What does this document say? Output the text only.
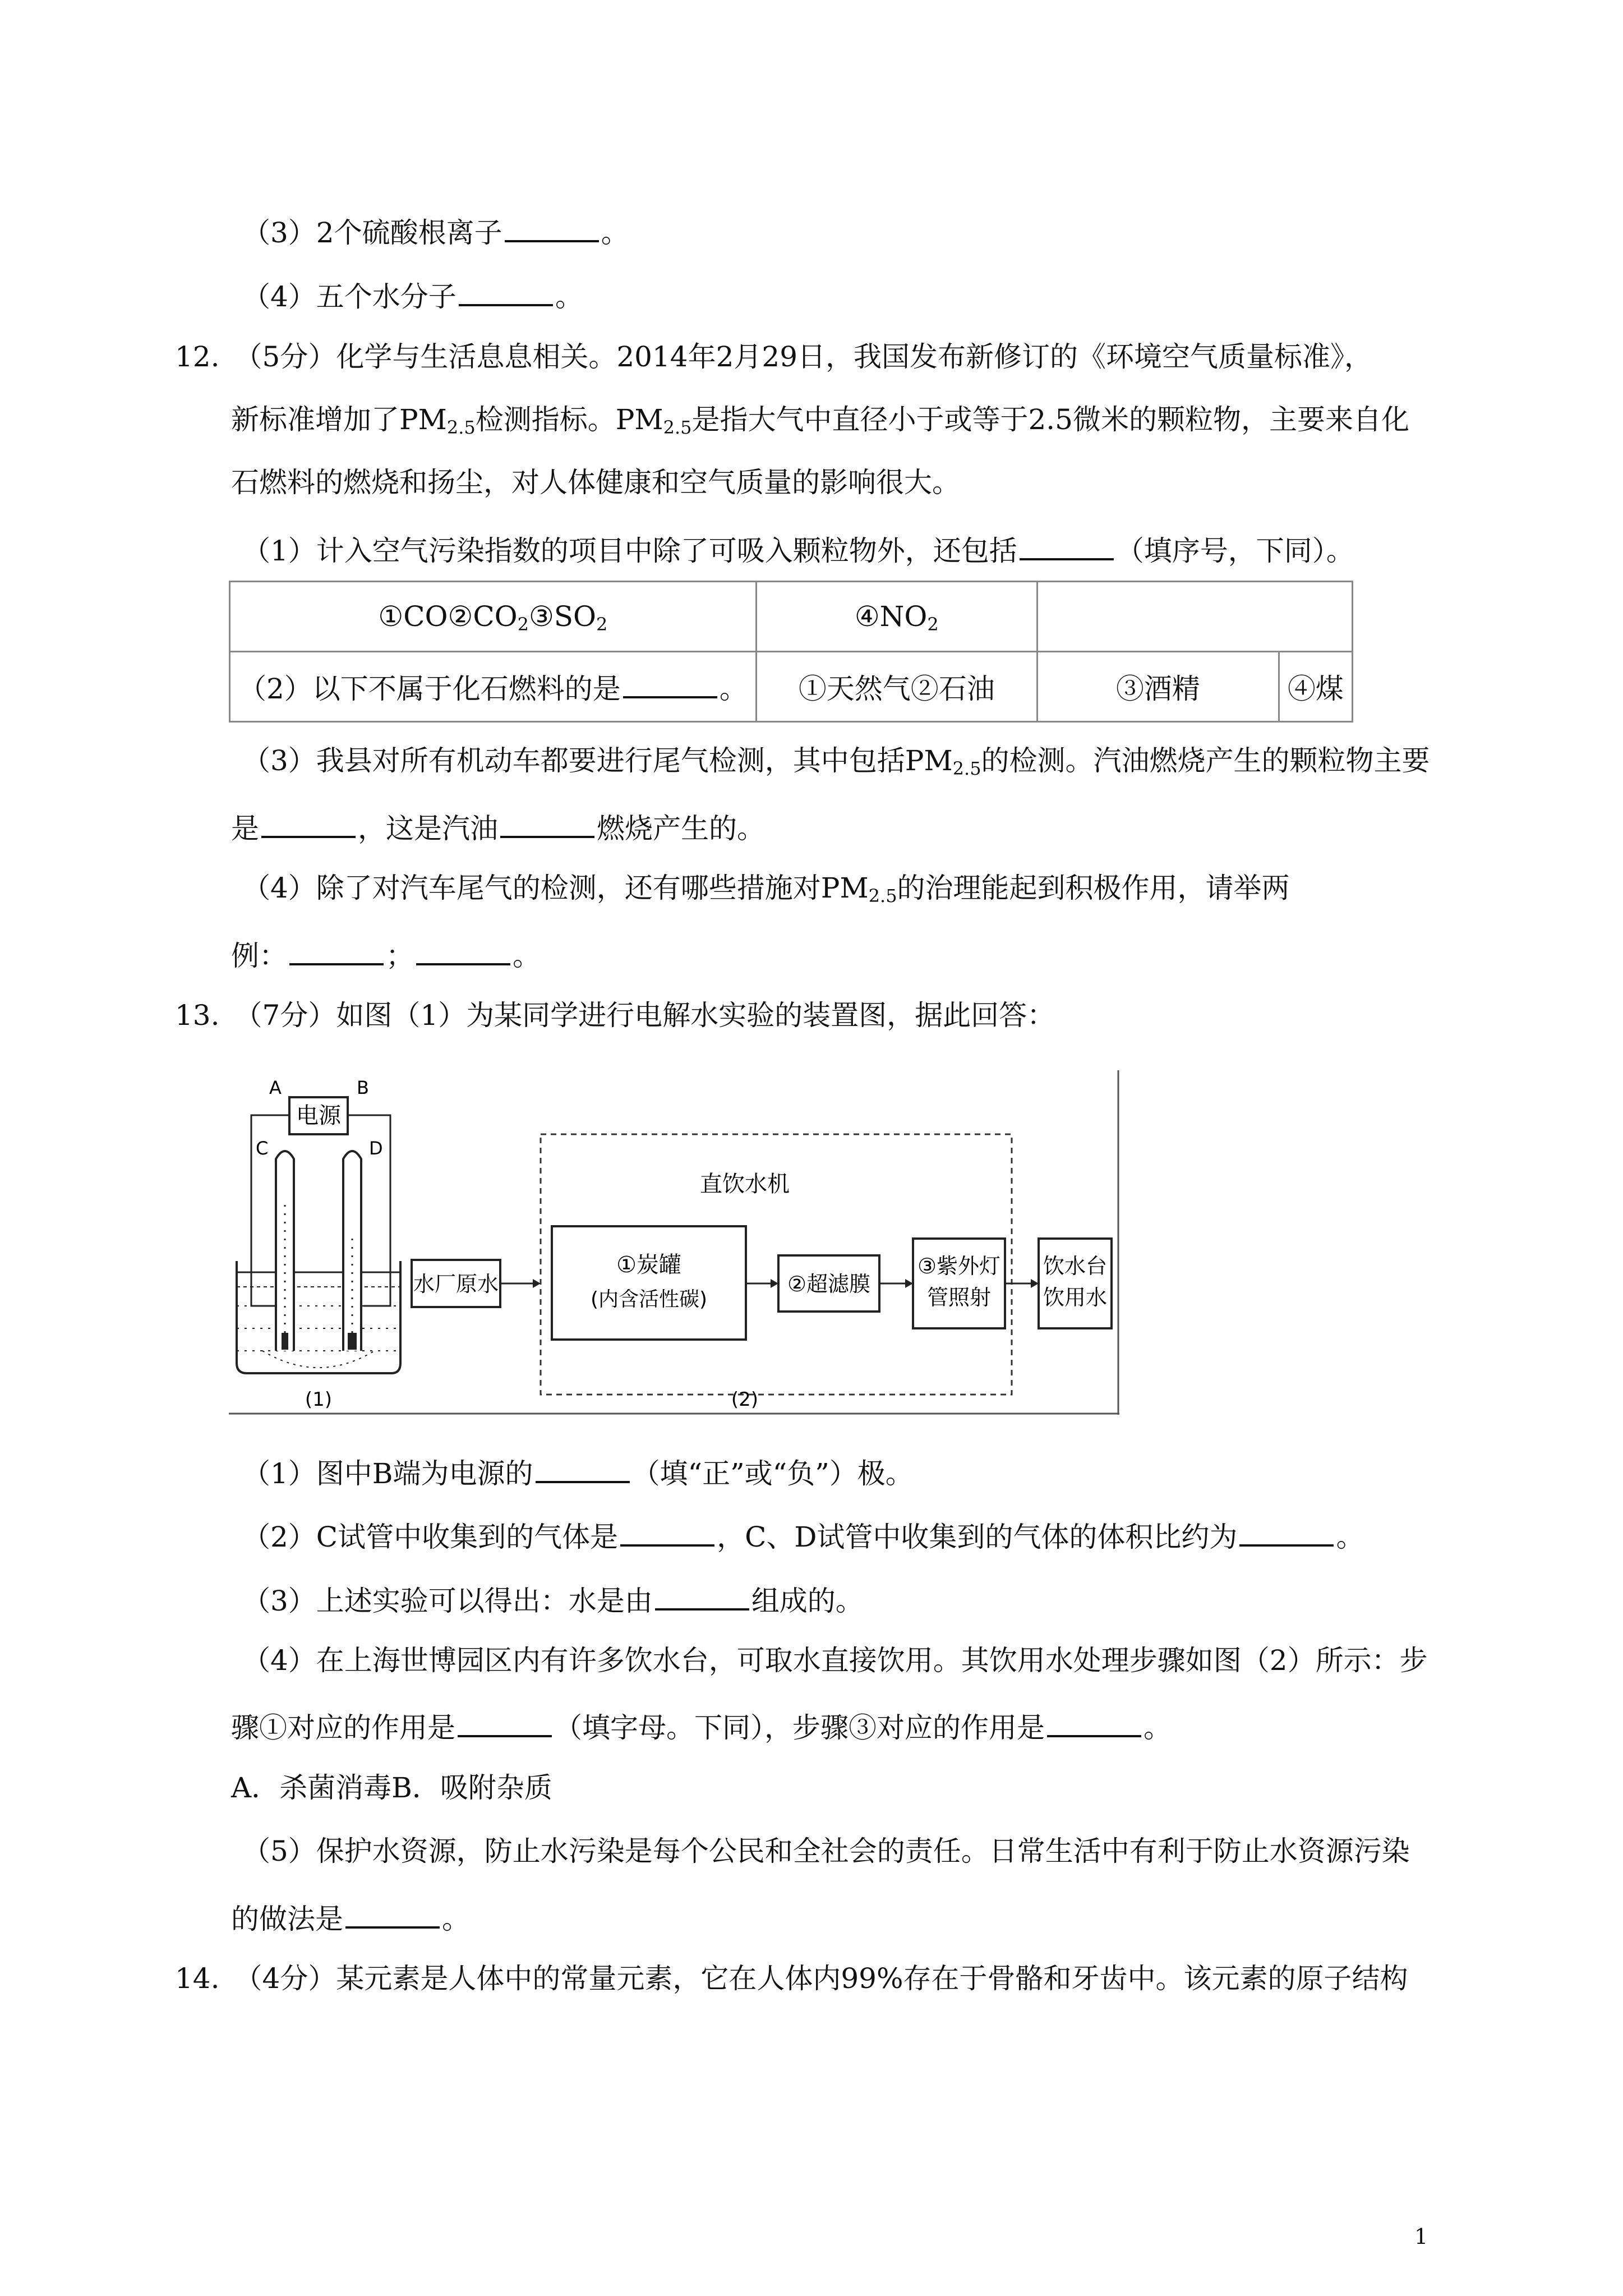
（3）2个硫酸根离子	。
（4）五个水分子	。
12. （5分）化学与生活息息相关。2014年2月29日，我国发布新修订的《环境空气质量标准》，
新标准增加了$PM_{2.5}$检测指标。$PM_{2.5}$是指大气中直径小于或等于2.5微米的颗粒物，主要来自化
石燃料的燃烧和扬尘，对人体健康和空气质量的影响很大。
（1）计入空气污染指数的项目中除了可吸入颗粒物外，还包括	（填序号，下同）。
$①CO②CO_2③SO_2$	$④NO_2$	
（2）以下不属于化石燃料的是 。	①天然气②石油	③酒精	④煤
（3）我县对所有机动车都要进行尾气检测，其中包括$PM_{2.5}$的检测。汽油燃烧产生的颗粒物主要
是	，这是汽油	燃烧产生的。
（4）除了对汽车尾气的检测，还有哪些措施对$PM_{2.5}$的治理能起到积极作用，请举两
例：	；	。
13. （7分）如图（1）为某同学进行电解水实验的装置图，据此回答：
A	B
电源
C	D
(1)
水厂原水
直饮水机
①炭罐
(内含活性碳)
②超滤膜
③紫外灯
管照射
饮水台
饮用水
(2)
（1）图中B端为电源的	（填“正”或“负”）极。
（2）C试管中收集到的气体是	，C、D试管中收集到的气体的体积比约为	。
（3）上述实验可以得出：水是由	组成的。
（4）在上海世博园区内有许多饮水台，可取水直接饮用。其饮用水处理步骤如图（2）所示：步
骤①对应的作用是	（填字母。下同），步骤③对应的作用是	。
A．杀菌消毒B．吸附杂质
（5）保护水资源，防止水污染是每个公民和全社会的责任。日常生活中有利于防止水资源污染
的做法是	。
14. （4分）某元素是人体中的常量元素，它在人体内99%存在于骨骼和牙齿中。该元素的原子结构
1
